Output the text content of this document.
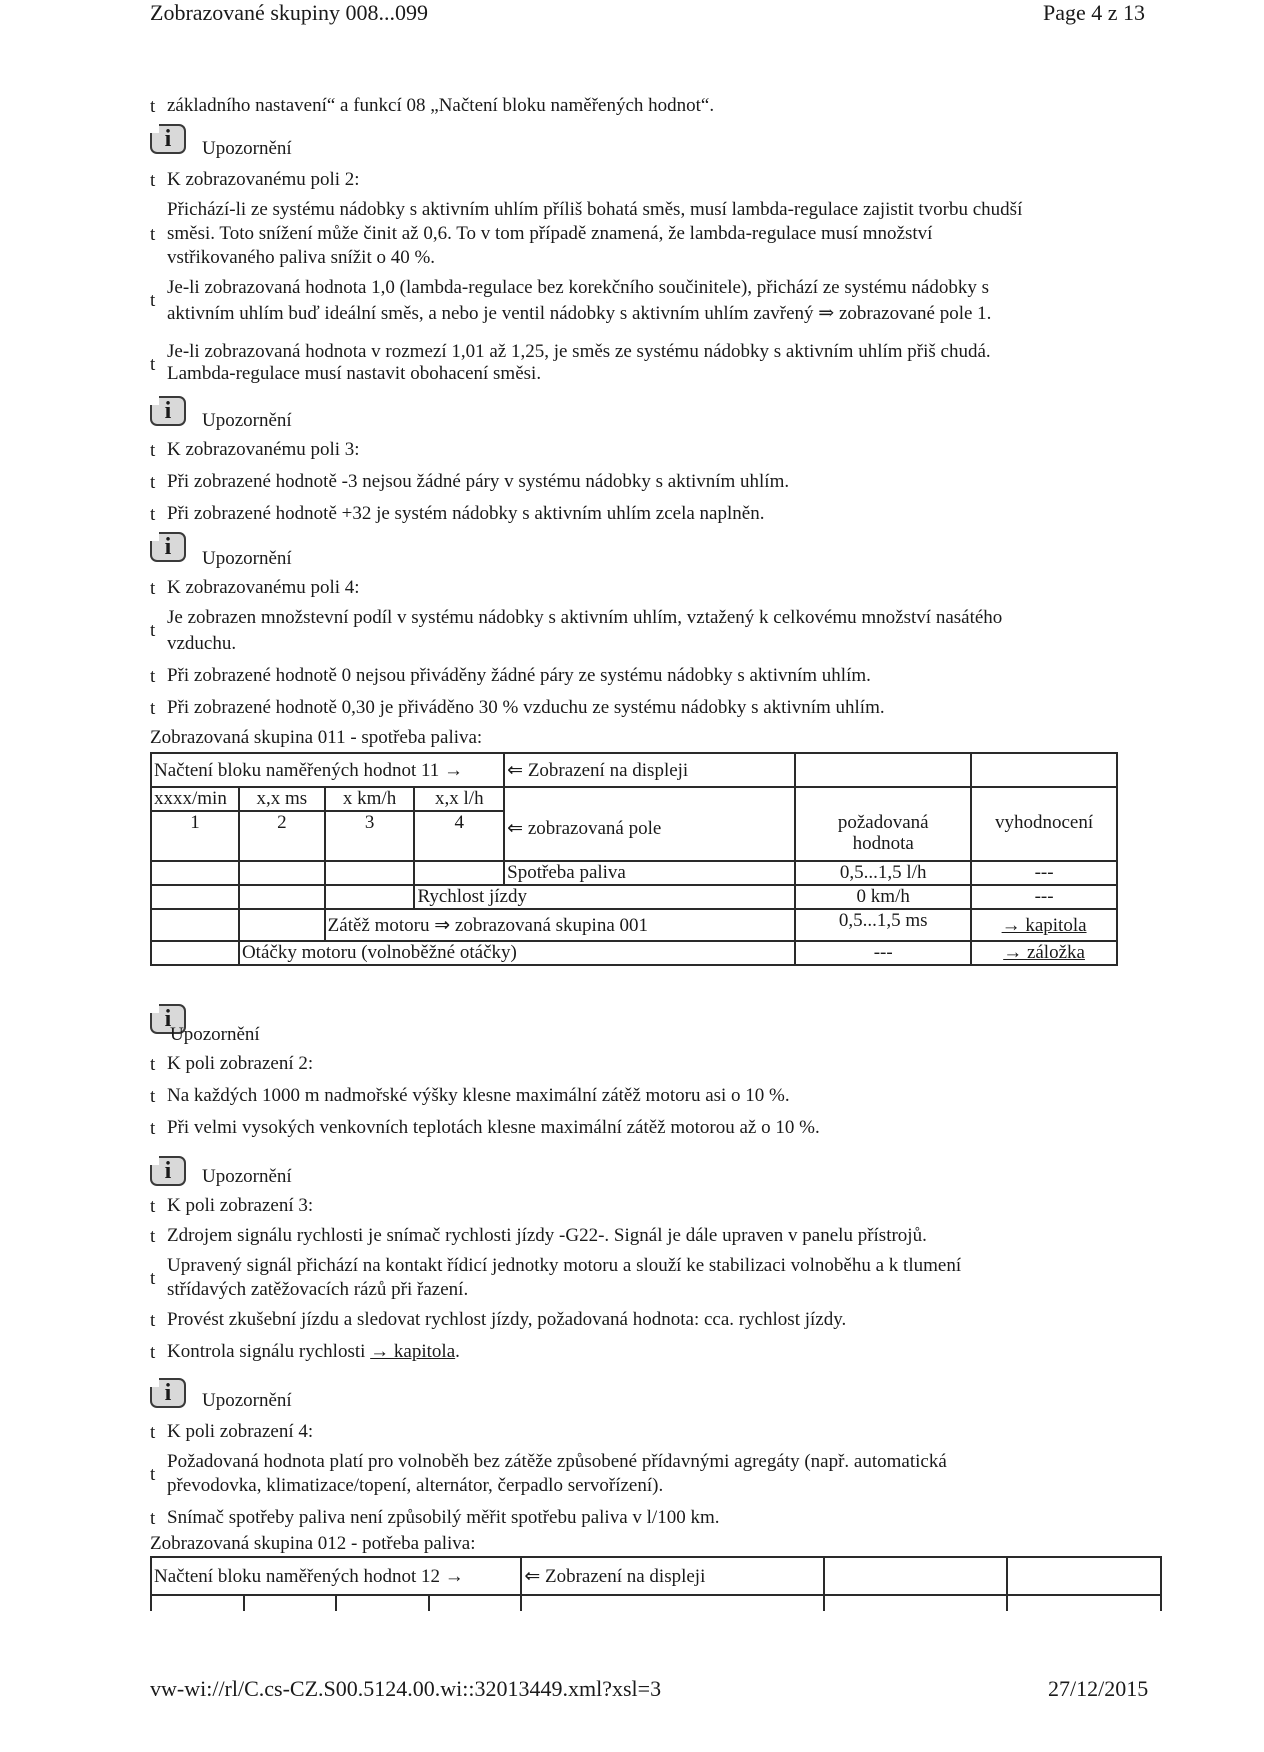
Zobrazované skupiny 008...099	Page 4 z 13
t základního nastavení“ a funkcí 08 „Načtení bloku naměřených hodnot“.
i	Upozornění
t K zobrazovanému poli 2:
Přichází-li ze systému nádobky s aktivním uhlím příliš bohatá směs, musí lambda-regulace zajistit tvorbu chudší
t směsi. Toto snížení může činit až 0,6. To v tom případě znamená, že lambda-regulace musí množství
vstřikovaného paliva snížit o 40 %.
Je-li zobrazovaná hodnota 1,0 (lambda-regulace bez korekčního součinitele), přichází ze systému nádobky s
t
aktivním uhlím buď ideální směs, a nebo je ventil nádobky s aktivním uhlím zavřený ⇒ zobrazované pole 1.
Je-li zobrazovaná hodnota v rozmezí 1,01 až 1,25, je směs ze systému nádobky s aktivním uhlím přiš chudá.
t Lambda-regulace musí nastavit obohacení směsi.
i	Upozornění
t K zobrazovanému poli 3:
t Při zobrazené hodnotě -3 nejsou žádné páry v systému nádobky s aktivním uhlím.
t Při zobrazené hodnotě +32 je systém nádobky s aktivním uhlím zcela naplněn.
i	Upozornění
t K zobrazovanému poli 4:
Je zobrazen množstevní podíl v systému nádobky s aktivním uhlím, vztažený k celkovému množství nasátého
t
vzduchu.
t Při zobrazené hodnotě 0 nejsou přiváděny žádné páry ze systému nádobky s aktivním uhlím.
t Při zobrazené hodnotě 0,30 je přiváděno 30 % vzduchu ze systému nádobky s aktivním uhlím.
Zobrazovaná skupina 011 - spotřeba paliva:
Načtení bloku naměřených hodnot 11 →				⇐ Zobrazení na displeji		
xxxx/min	x,x ms	x km/h	x,x l/h	⇐ zobrazovaná pole	požadovaná hodnota	vyhodnocení

1	2	3	4			
				Spotřeba paliva	0,5...1,5 l/h	---
			Rychlost jízdy		0 km/h	---
		Zátěž motoru ⇒ zobrazovaná skupina 001			0,5...1,5 ms	→ kapitola
	Otáčky motoru (volnoběžné otáčky)				---	→ záložka
i
Upozornění
t K poli zobrazení 2:
t Na každých 1000 m nadmořské výšky klesne maximální zátěž motoru asi o 10 %.
t Při velmi vysokých venkovních teplotách klesne maximální zátěž motorou až o 10 %.
i	Upozornění
t K poli zobrazení 3:
t Zdrojem signálu rychlosti je snímač rychlosti jízdy -G22-. Signál je dále upraven v panelu přístrojů.
Upravený signál přichází na kontakt řídicí jednotky motoru a slouží ke stabilizaci volnoběhu a k tlumení
t
střídavých zatěžovacích rázů při řazení.
t Provést zkušební jízdu a sledovat rychlost jízdy, požadovaná hodnota: cca. rychlost jízdy.
t Kontrola signálu rychlosti → kapitola.
i	Upozornění
t K poli zobrazení 4:
Požadovaná hodnota platí pro volnoběh bez zátěže způsobené přídavnými agregáty (např. automatická
t
převodovka, klimatizace/topení, alternátor, čerpadlo servořízení).
t Snímač spotřeby paliva není způsobilý měřit spotřebu paliva v l/100 km.
Zobrazovaná skupina 012 - potřeba paliva:
Načtení bloku naměřených hodnot 12 →				⇐ Zobrazení na displeji		

vw-wi://rl/C.cs-CZ.S00.5124.00.wi::32013449.xml?xsl=3	27/12/2015
